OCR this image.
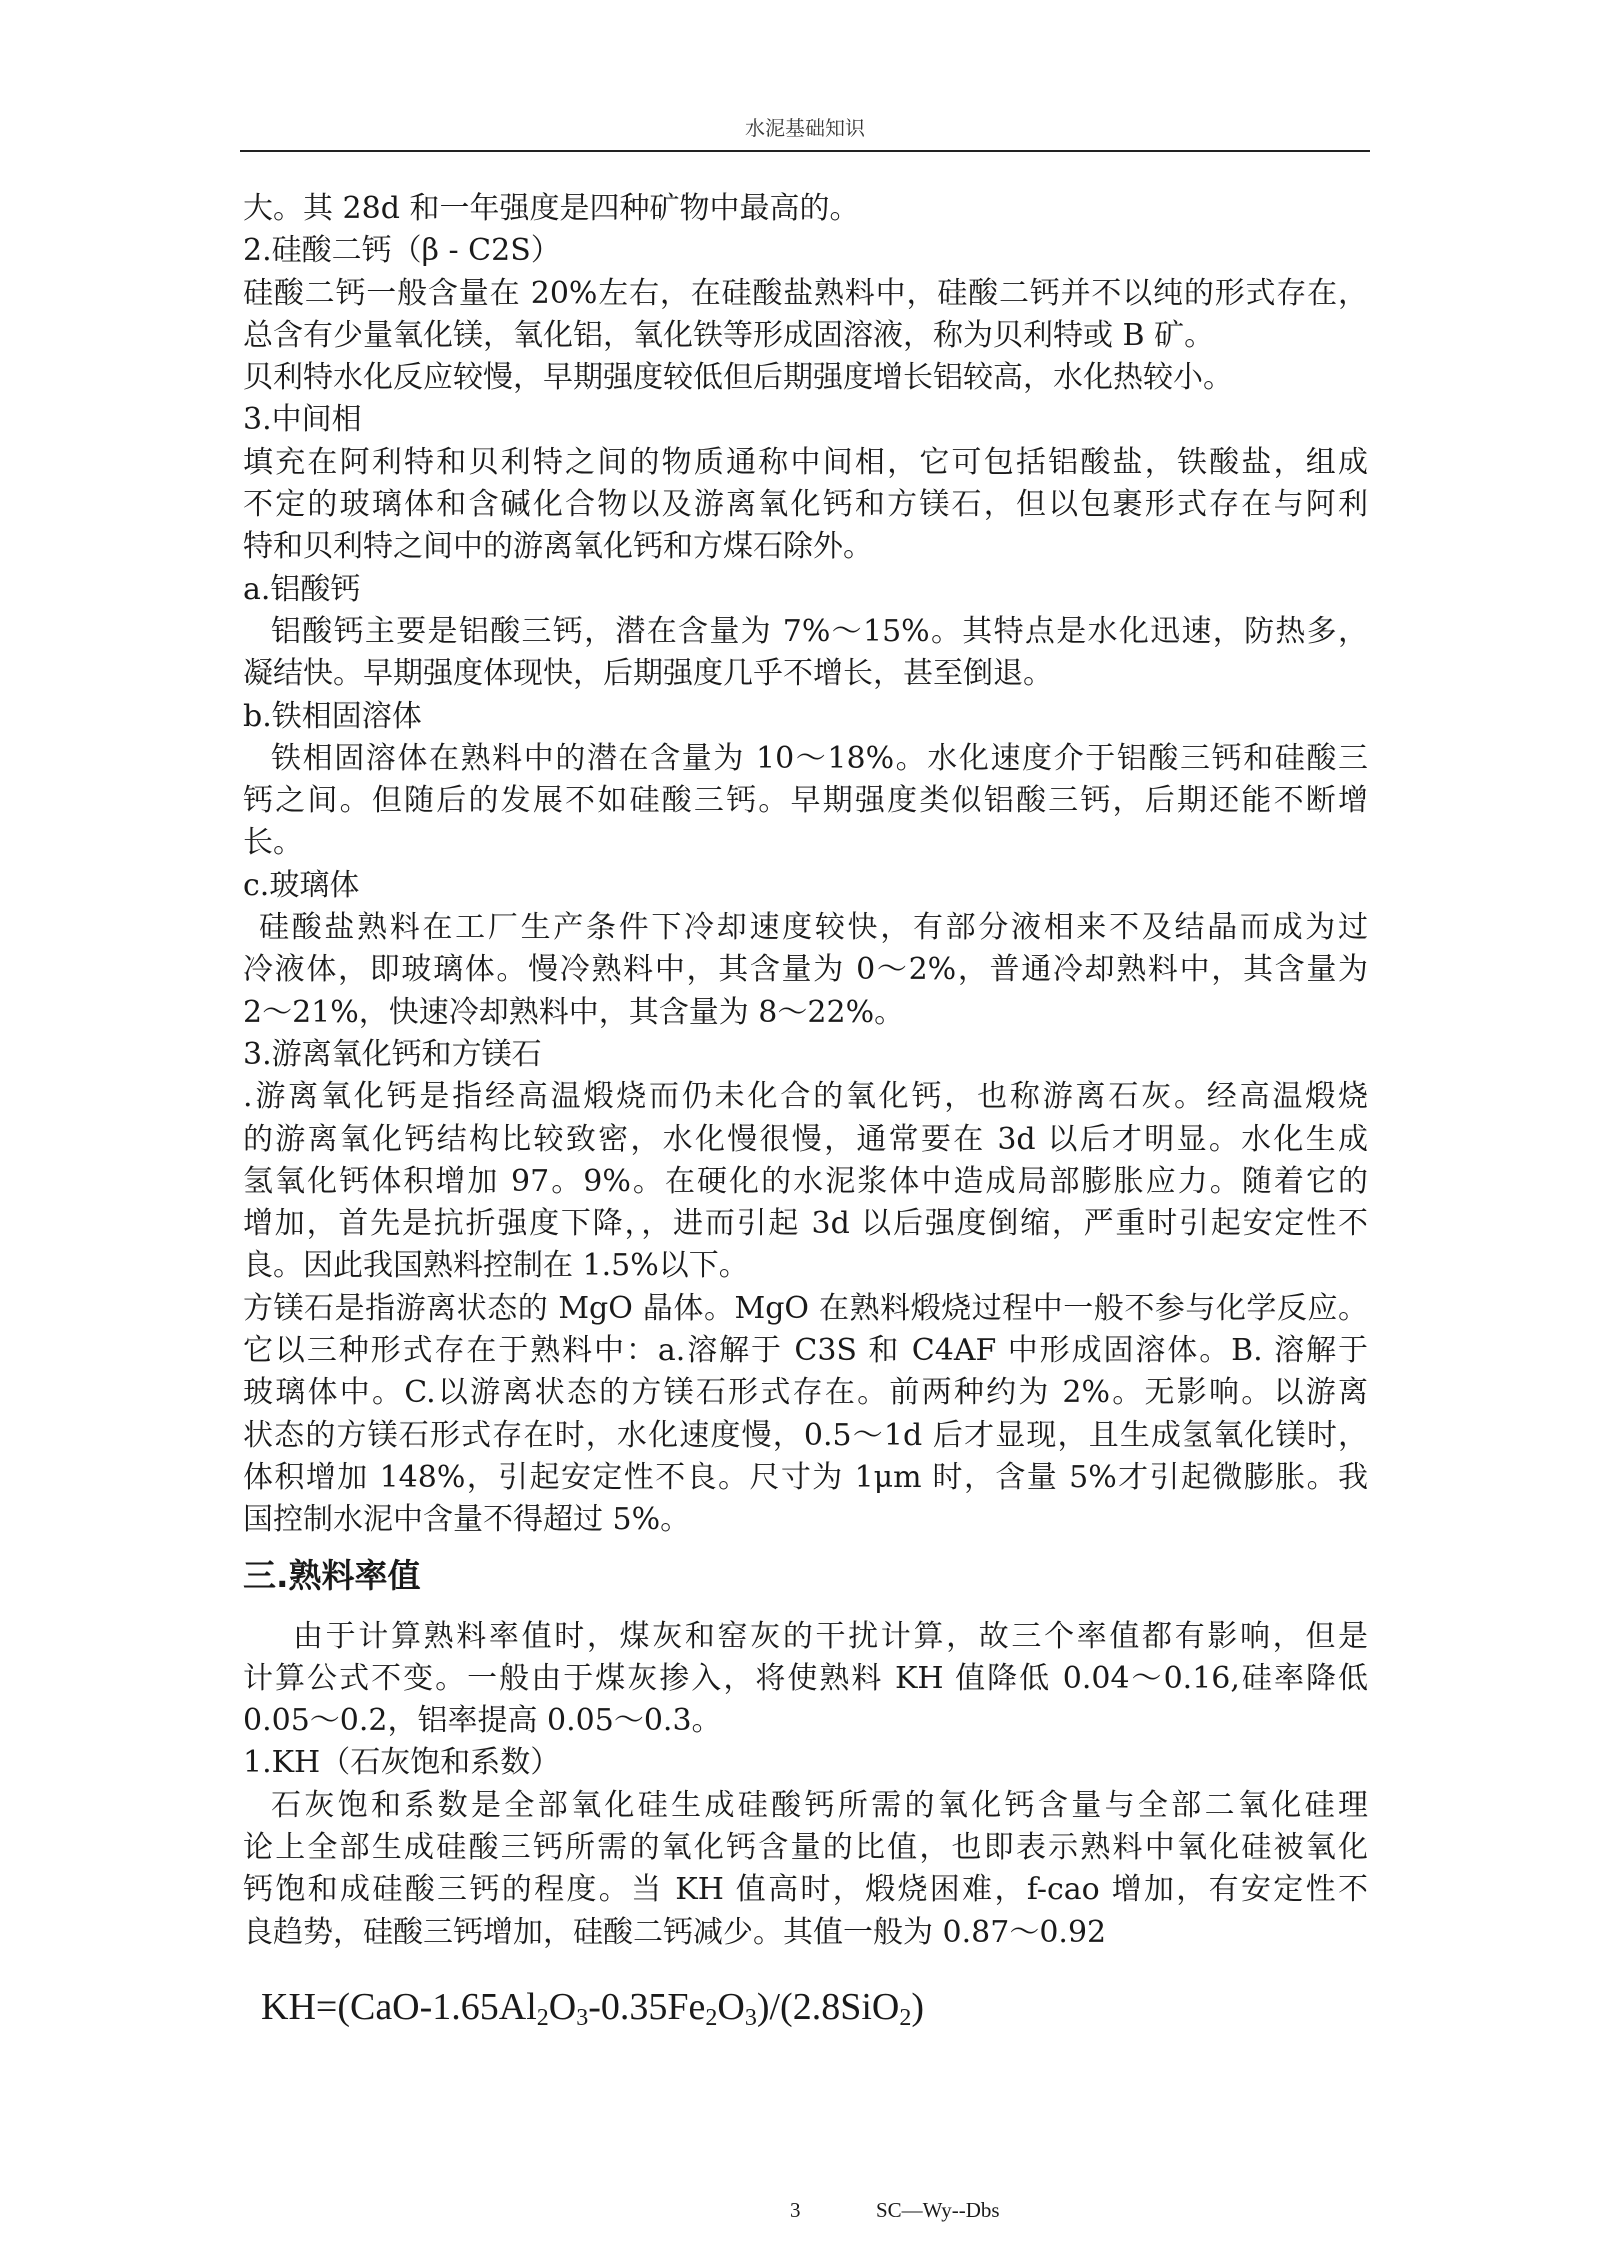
水泥基础知识
大。其 28d 和一年强度是四种矿物中最高的。
2.硅酸二钙（β - C2S）
硅酸二钙一般含量在 20%左右，在硅酸盐熟料中，硅酸二钙并不以纯的形式存在，
总含有少量氧化镁，氧化铝，氧化铁等形成固溶液，称为贝利特或 B 矿。
贝利特水化反应较慢，早期强度较低但后期强度增长铝较高，水化热较小。
3.中间相
填充在阿利特和贝利特之间的物质通称中间相，它可包括铝酸盐，铁酸盐，组成
不定的玻璃体和含碱化合物以及游离氧化钙和方镁石，但以包裹形式存在与阿利
特和贝利特之间中的游离氧化钙和方煤石除外。
a.铝酸钙
铝酸钙主要是铝酸三钙，潜在含量为 7%～15%。其特点是水化迅速，防热多，
凝结快。早期强度体现快，后期强度几乎不增长，甚至倒退。
b.铁相固溶体
铁相固溶体在熟料中的潜在含量为 10～18%。水化速度介于铝酸三钙和硅酸三
钙之间。但随后的发展不如硅酸三钙。早期强度类似铝酸三钙，后期还能不断增
长。
c.玻璃体
硅酸盐熟料在工厂生产条件下冷却速度较快，有部分液相来不及结晶而成为过
冷液体，即玻璃体。慢冷熟料中，其含量为 0～2%，普通冷却熟料中，其含量为
2～21%，快速冷却熟料中，其含量为 8～22%。
3.游离氧化钙和方镁石
.游离氧化钙是指经高温煅烧而仍未化合的氧化钙，也称游离石灰。经高温煅烧
的游离氧化钙结构比较致密，水化慢很慢，通常要在 3d 以后才明显。水化生成
氢氧化钙体积增加 97。9%。在硬化的水泥浆体中造成局部膨胀应力。随着它的
增加，首先是抗折强度下降，，进而引起 3d 以后强度倒缩，严重时引起安定性不
良。因此我国熟料控制在 1.5%以下。
方镁石是指游离状态的 MgO 晶体。MgO 在熟料煅烧过程中一般不参与化学反应。
它以三种形式存在于熟料中：a.溶解于 C3S 和 C4AF 中形成固溶体。B. 溶解于
玻璃体中。C.以游离状态的方镁石形式存在。前两种约为 2%。无影响。以游离
状态的方镁石形式存在时，水化速度慢，0.5～1d 后才显现，且生成氢氧化镁时，
体积增加 148%，引起安定性不良。尺寸为 1μm 时，含量 5%才引起微膨胀。我
国控制水泥中含量不得超过 5%。
三.熟料率值
由于计算熟料率值时，煤灰和窑灰的干扰计算，故三个率值都有影响，但是
计算公式不变。一般由于煤灰掺入，将使熟料 KH 值降低 0.04～0.16,硅率降低
0.05～0.2，铝率提高 0.05～0.3。
1.KH（石灰饱和系数）
石灰饱和系数是全部氧化硅生成硅酸钙所需的氧化钙含量与全部二氧化硅理
论上全部生成硅酸三钙所需的氧化钙含量的比值，也即表示熟料中氧化硅被氧化
钙饱和成硅酸三钙的程度。当 KH 值高时，煅烧困难，f-cao 增加，有安定性不
良趋势，硅酸三钙增加，硅酸二钙减少。其值一般为 0.87～0.92
$KH=(CaO-1.65Al_2O_3-0.35Fe_2O_3)/(2.8SiO_2)$
3	SC—Wy--Dbs
